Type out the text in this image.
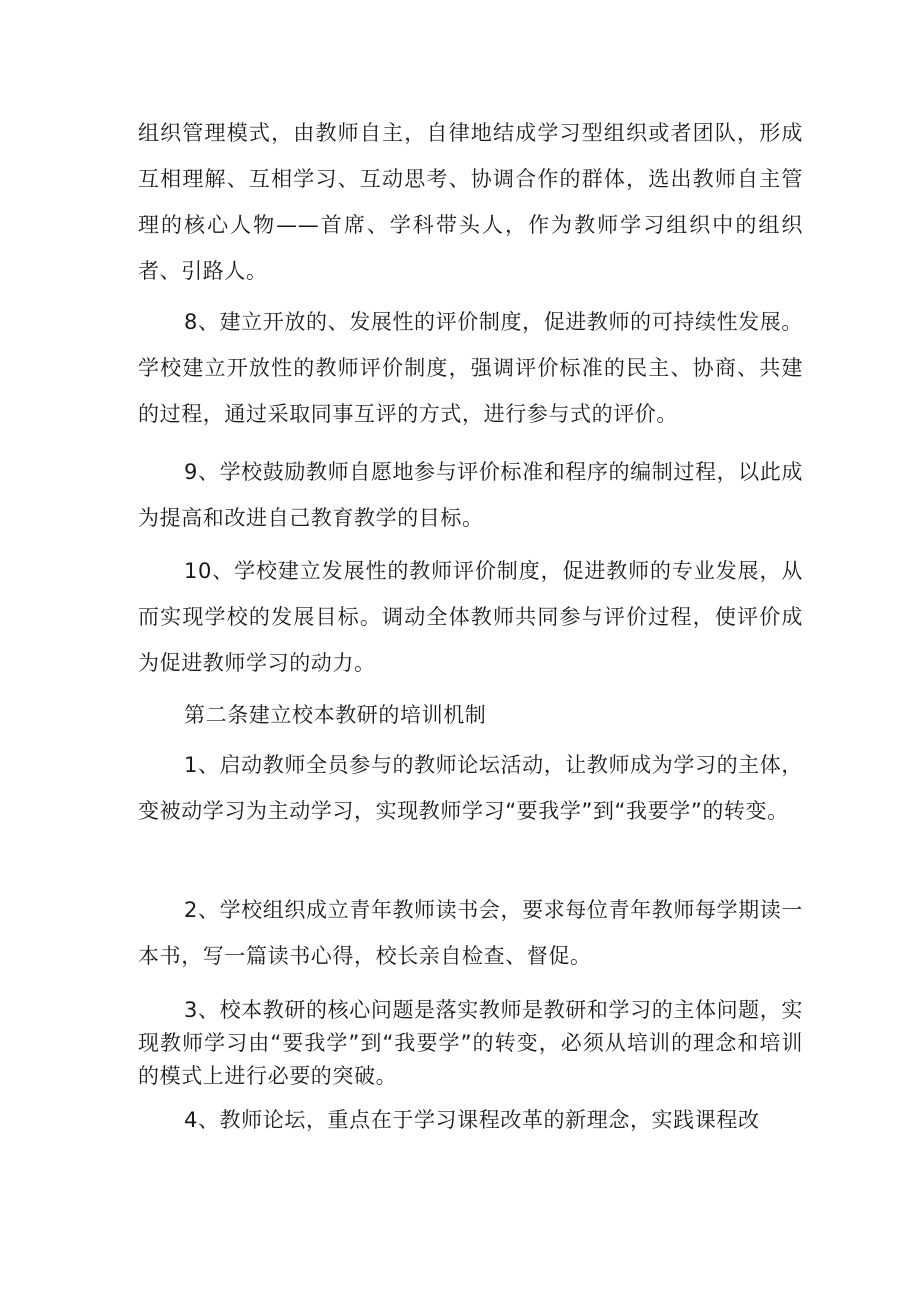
组织管理模式，由教师自主，自律地结成学习型组织或者团队，形成互相理解、互相学习、互动思考、协调合作的群体，选出教师自主管理的核心人物——首席、学科带头人，作为教师学习组织中的组织者、引路人。

8、建立开放的、发展性的评价制度，促进教师的可持续性发展。学校建立开放性的教师评价制度，强调评价标准的民主、协商、共建的过程，通过采取同事互评的方式，进行参与式的评价。

9、学校鼓励教师自愿地参与评价标准和程序的编制过程，以此成为提高和改进自己教育教学的目标。

10、学校建立发展性的教师评价制度，促进教师的专业发展，从而实现学校的发展目标。调动全体教师共同参与评价过程，使评价成为促进教师学习的动力。

第二条建立校本教研的培训机制

1、启动教师全员参与的教师论坛活动，让教师成为学习的主体，变被动学习为主动学习，实现教师学习“要我学”到“我要学”的转变。

2、学校组织成立青年教师读书会，要求每位青年教师每学期读一本书，写一篇读书心得，校长亲自检查、督促。

3、校本教研的核心问题是落实教师是教研和学习的主体问题，实现教师学习由“要我学”到“我要学”的转变，必须从培训的理念和培训的模式上进行必要的突破。

4、教师论坛，重点在于学习课程改革的新理念，实践课程改
